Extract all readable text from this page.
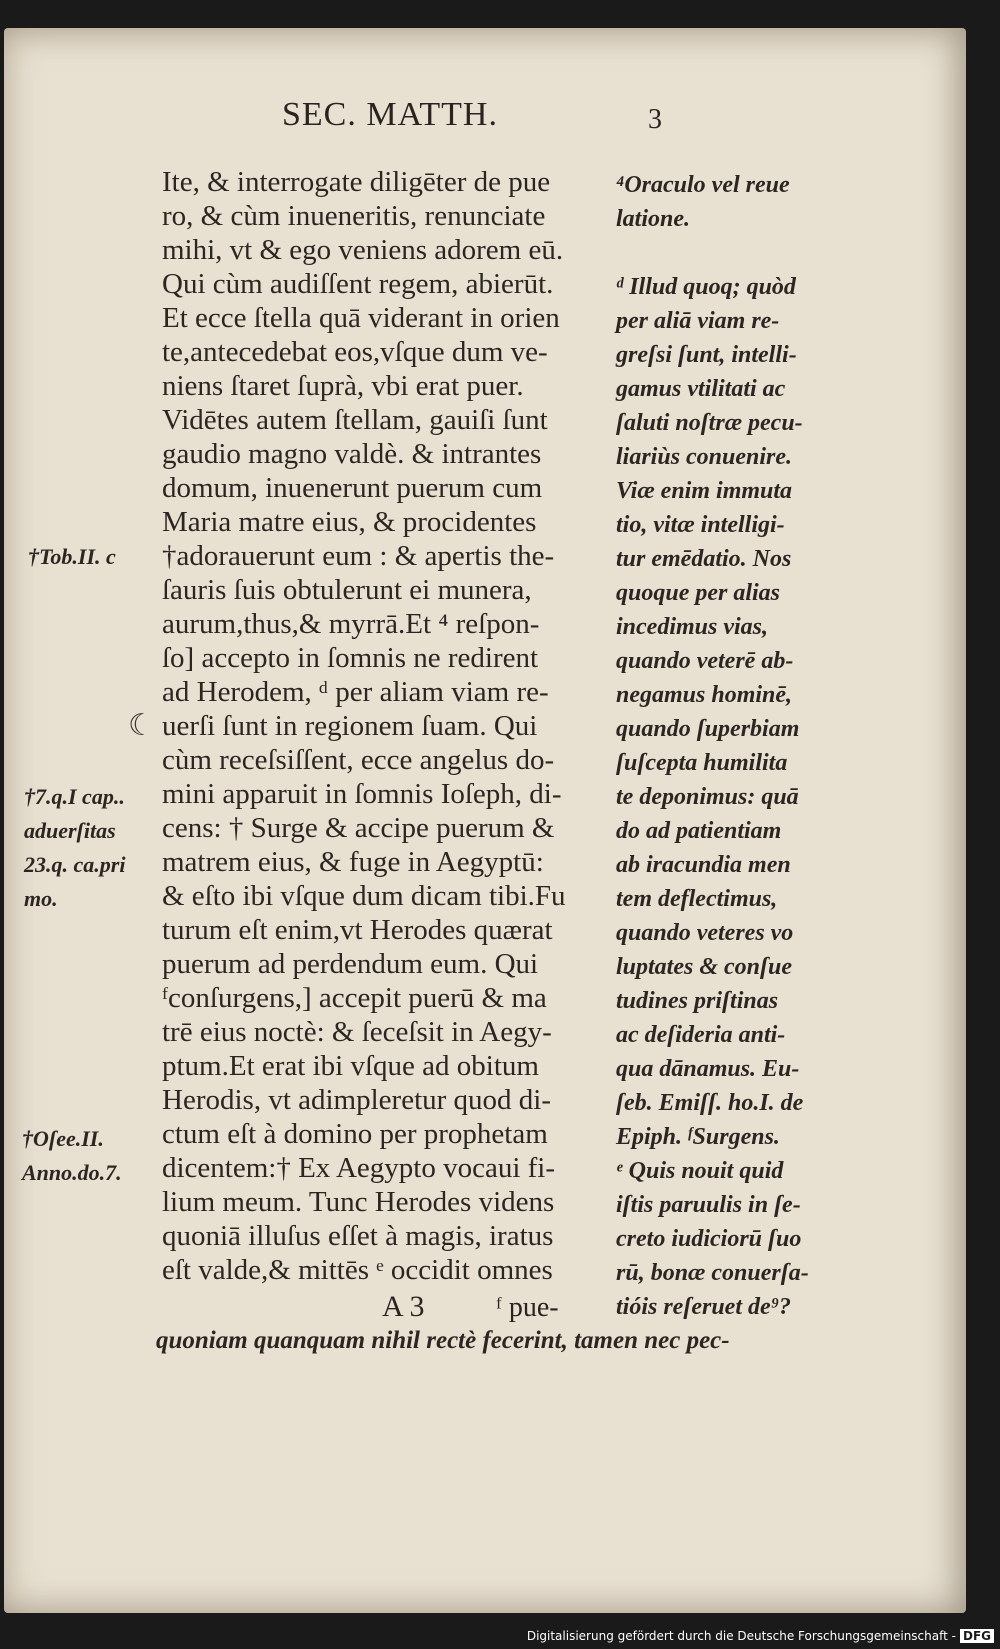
SEC. MATTH.	3
Ite, & interrogate diligēter de pue
ro, & cùm inueneritis, renunciate
mihi, vt & ego veniens adorem eū.
Qui cùm audiſſent regem, abierūt.
Et ecce ſtella quā viderant in orien
te,antecedebat eos,vſque dum ve-
niens ſtaret ſuprà, vbi erat puer.
Vidētes autem ſtellam, gauiſi ſunt
gaudio magno valdè. & intrantes
domum, inuenerunt puerum cum
Maria matre eius, & procidentes
†adorauerunt eum : & apertis the-
ſauris ſuis obtulerunt ei munera,
aurum,thus,& myrrā.Et ⁴ reſpon-
ſo] accepto in ſomnis ne redirent
ad Herodem, ᵈ per aliam viam re-
uerſi ſunt in regionem ſuam. Qui
cùm receſsiſſent, ecce angelus do-
mini apparuit in ſomnis Ioſeph, di-
cens: † Surge & accipe puerum &
matrem eius, & fuge in Aegyptū:
& eſto ibi vſque dum dicam tibi.Fu
turum eſt enim,vt Herodes quærat
puerum ad perdendum eum. Qui
ᶠconſurgens,] accepit puerū & ma
trē eius noctè: & ſeceſsit in Aegy-
ptum.Et erat ibi vſque ad obitum
Herodis, vt adimpleretur quod di-
ctum eſt à domino per prophetam
dicentem:† Ex Aegypto vocaui fi-
lium meum. Tunc Herodes videns
quoniā illuſus eſſet à magis, iratus
eſt valde,& mittēs ᵉ occidit omnes
⁴Oraculo vel reue
latione.
ᵈ Illud quoq; quòd
per aliā viam re-
greſsi ſunt, intelli-
gamus vtilitati ac
ſaluti noſtræ pecu-
liariùs conuenire.
Viæ enim immuta
tio, vitæ intelligi-
tur emēdatio. Nos
quoque per alias
incedimus vias,
quando veterē ab-
negamus hominē,
quando ſuperbiam
ſuſcepta humilita
te deponimus: quā
do ad patientiam
ab iracundia men
tem deflectimus,
quando veteres vo
luptates & conſue
tudines priſtinas
ac deſideria anti-
qua dānamus. Eu-
ſeb. Emiſſ. ho.I. de
Epiph. ᶠSurgens.
ᵉ Quis nouit quid
iſtis paruulis in ſe-
creto iudiciorū ſuo
rū, bonæ conuerſa-
tióis reſeruet de⁹?
†Tob.II. c
†7.q.I cap..
aduerſitas
23.q. ca.pri
mo.
†Oſee.II.
Anno.do.7.
☾
A 3	ᶠ pue-
quoniam quanquam nihil rectè fecerint, tamen nec pec-
Digitalisierung gefördert durch die Deutsche Forschungsgemeinschaft - DFG
